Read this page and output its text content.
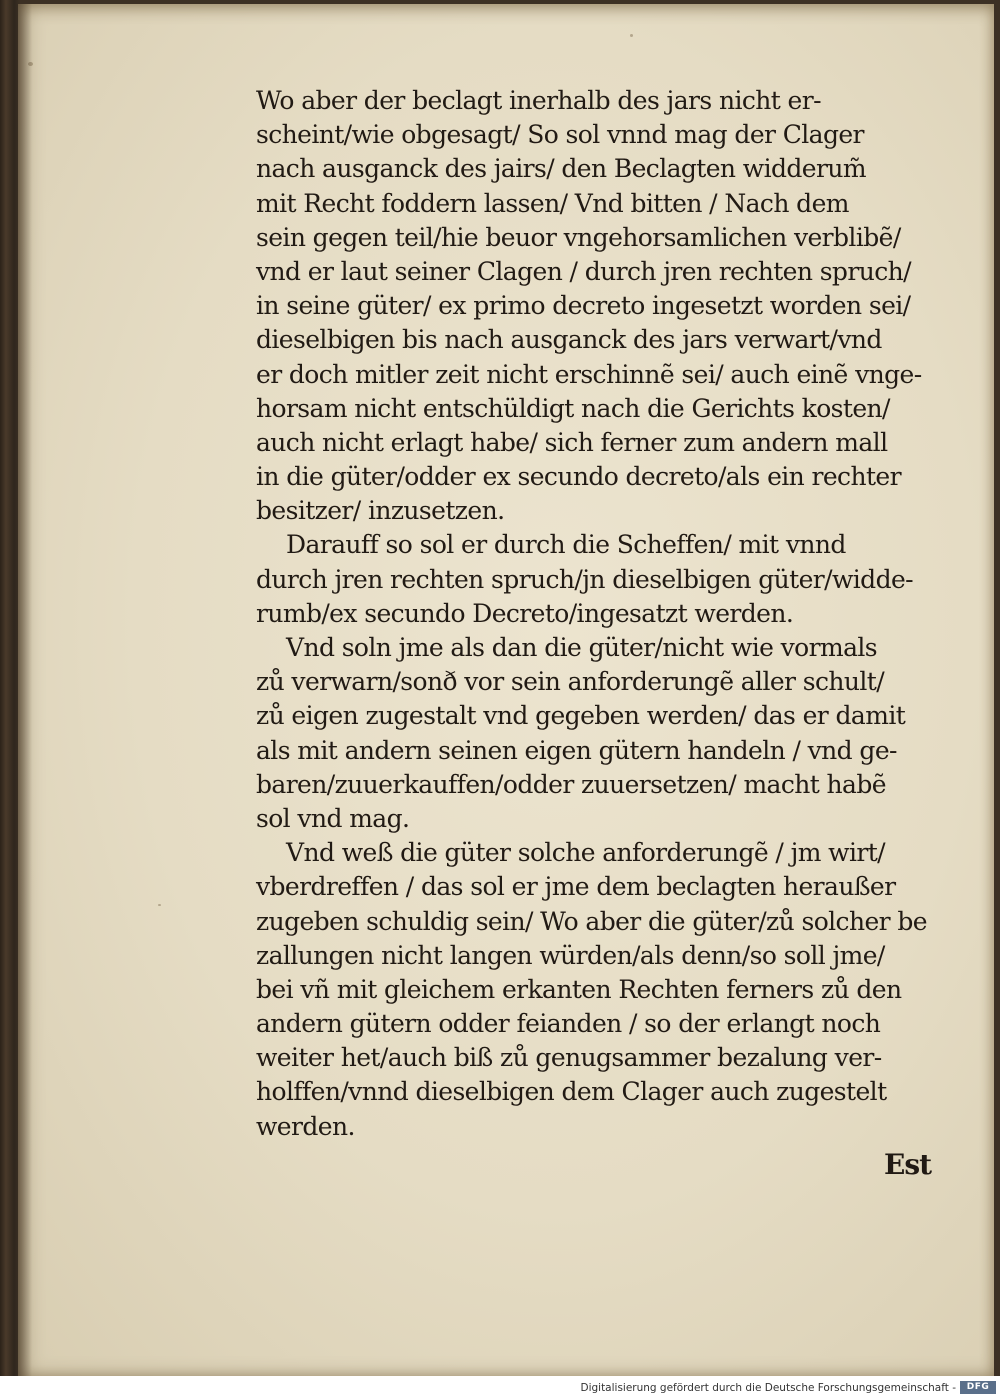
Wo aber der beclagt inerhalb des jars nicht er-
scheint/wie obgesagt/ So sol vnnd mag der Clager
nach ausganck des jairs/ den Beclagten widderum̃
mit Recht foddern lassen/ Vnd bitten / Nach dem
sein gegen teil/hie beuor vngehorsamlichen verblibẽ/
vnd er laut seiner Clagen / durch jren rechten spruch/
in seine güter/ ex primo decreto ingesetzt worden sei/
dieselbigen bis nach ausganck des jars verwart/vnd
er doch mitler zeit nicht erschinnẽ sei/ auch einẽ vnge-
horsam nicht entschüldigt nach die Gerichts kosten/
auch nicht erlagt habe/ sich ferner zum andern mall
in die güter/odder ex secundo decreto/als ein rechter
besitzer/ inzusetzen.
Darauff so sol er durch die Scheffen/ mit vnnd
durch jren rechten spruch/jn dieselbigen güter/widde-
rumb/ex secundo Decreto/ingesatzt werden.
Vnd soln jme als dan die güter/nicht wie vormals
zů verwarn/sonð vor sein anforderungẽ aller schult/
zů eigen zugestalt vnd gegeben werden/ das er damit
als mit andern seinen eigen gütern handeln / vnd ge-
baren/zuuerkauffen/odder zuuersetzen/ macht habẽ
sol vnd mag.
Vnd weß die güter solche anforderungẽ / jm wirt/
vberdreffen / das sol er jme dem beclagten heraußer
zugeben schuldig sein/ Wo aber die güter/zů solcher be
zallungen nicht langen würden/als denn/so soll jme/
bei vñ mit gleichem erkanten Rechten ferners zů den
andern gütern odder feianden / so der erlangt noch
weiter het/auch biß zů genugsammer bezalung ver-
holffen/vnnd dieselbigen dem Clager auch zugestelt
werden.
Est
Digitalisierung gefördert durch die Deutsche Forschungsgemeinschaft -	DFG
